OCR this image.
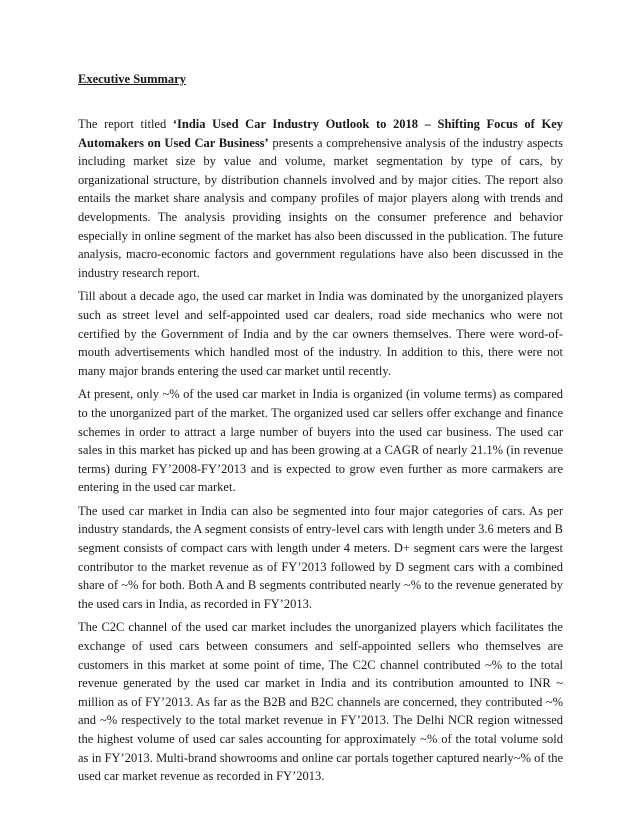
Executive Summary

The report titled ‘India Used Car Industry Outlook to 2018 – Shifting Focus of Key Automakers on Used Car Business’ presents a comprehensive analysis of the industry aspects including market size by value and volume, market segmentation by type of cars, by organizational structure, by distribution channels involved and by major cities. The report also entails the market share analysis and company profiles of major players along with trends and developments. The analysis providing insights on the consumer preference and behavior especially in online segment of the market has also been discussed in the publication. The future analysis, macro-economic factors and government regulations have also been discussed in the industry research report.

Till about a decade ago, the used car market in India was dominated by the unorganized players such as street level and self-appointed used car dealers, road side mechanics who were not certified by the Government of India and by the car owners themselves. There were word-of-mouth advertisements which handled most of the industry. In addition to this, there were not many major brands entering the used car market until recently.

At present, only ~% of the used car market in India is organized (in volume terms) as compared to the unorganized part of the market. The organized used car sellers offer exchange and finance schemes in order to attract a large number of buyers into the used car business. The used car sales in this market has picked up and has been growing at a CAGR of nearly 21.1% (in revenue terms) during FY’2008-FY’2013 and is expected to grow even further as more carmakers are entering in the used car market.

The used car market in India can also be segmented into four major categories of cars. As per industry standards, the A segment consists of entry-level cars with length under 3.6 meters and B segment consists of compact cars with length under 4 meters. D+ segment cars were the largest contributor to the market revenue as of FY’2013 followed by D segment cars with a combined share of ~% for both. Both A and B segments contributed nearly ~% to the revenue generated by the used cars in India, as recorded in FY’2013.

The C2C channel of the used car market includes the unorganized players which facilitates the exchange of used cars between consumers and self-appointed sellers who themselves are customers in this market at some point of time, The C2C channel contributed ~% to the total revenue generated by the used car market in India and its contribution amounted to INR ~ million as of FY’2013. As far as the B2B and B2C channels are concerned, they contributed ~% and ~% respectively to the total market revenue in FY’2013. The Delhi NCR region witnessed the highest volume of used car sales accounting for approximately ~% of the total volume sold as in FY’2013. Multi-brand showrooms and online car portals together captured nearly~% of the used car market revenue as recorded in FY’2013.
